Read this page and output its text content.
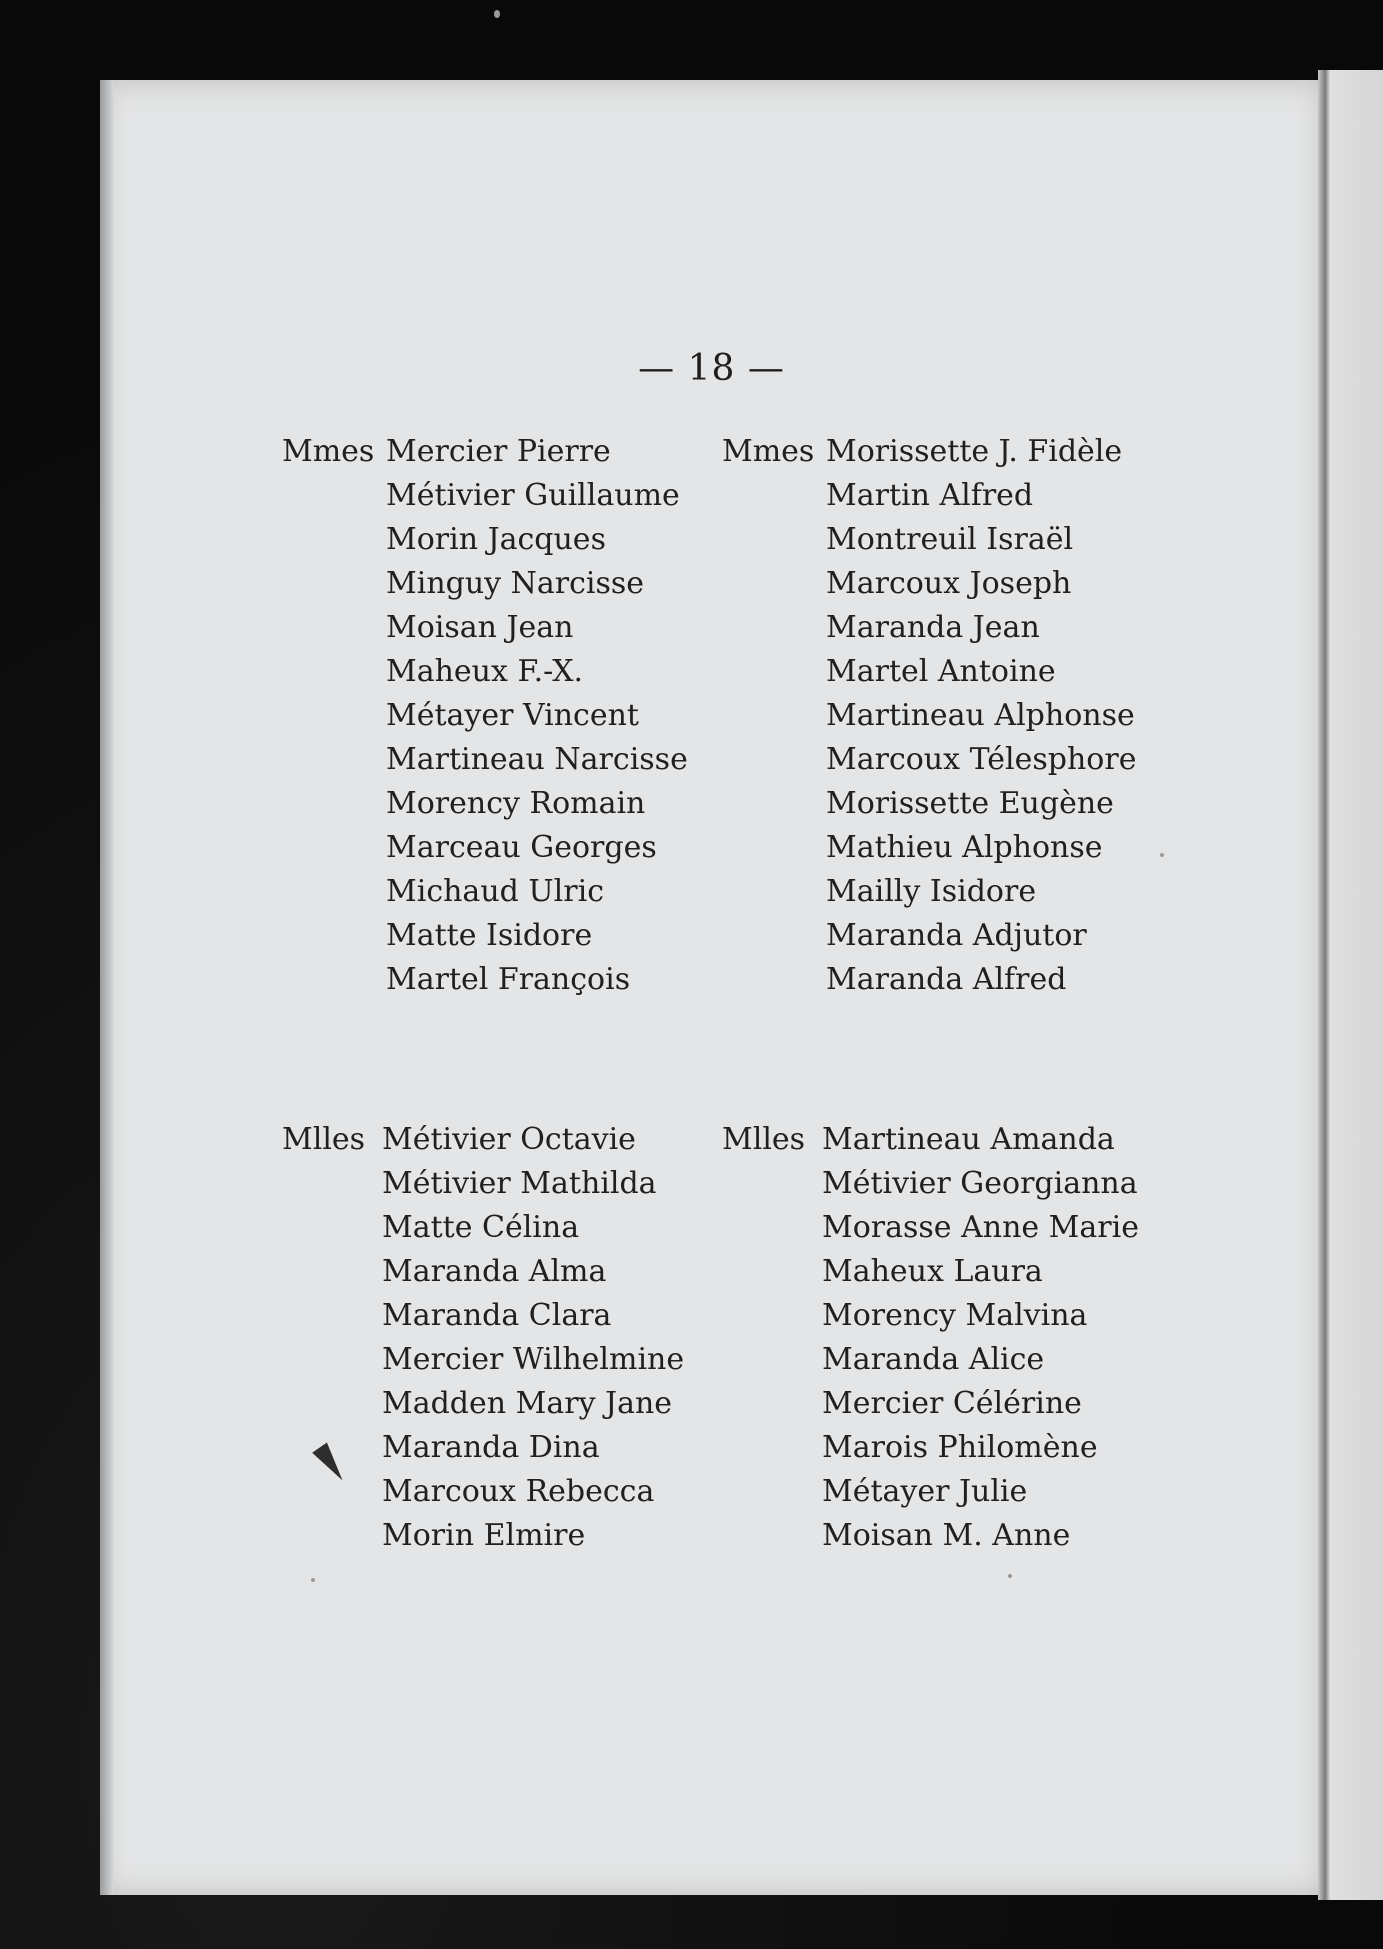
— 18 —
Mmes Mercier Pierre
Métivier Guillaume
Morin Jacques
Minguy Narcisse
Moisan Jean
Maheux F.-X.
Métayer Vincent
Martineau Narcisse
Morency Romain
Marceau Georges
Michaud Ulric
Matte Isidore
Martel François
Mmes Morissette J. Fidèle
Martin Alfred
Montreuil Israël
Marcoux Joseph
Maranda Jean
Martel Antoine
Martineau Alphonse
Marcoux Télesphore
Morissette Eugène
Mathieu Alphonse
Mailly Isidore
Maranda Adjutor
Maranda Alfred
Mlles Métivier Octavie
Métivier Mathilda
Matte Célina
Maranda Alma
Maranda Clara
Mercier Wilhelmine
Madden Mary Jane
Maranda Dina
Marcoux Rebecca
Morin Elmire
Mlles Martineau Amanda
Métivier Georgianna
Morasse Anne Marie
Maheux Laura
Morency Malvina
Maranda Alice
Mercier Célérine
Marois Philomène
Métayer Julie
Moisan M. Anne
